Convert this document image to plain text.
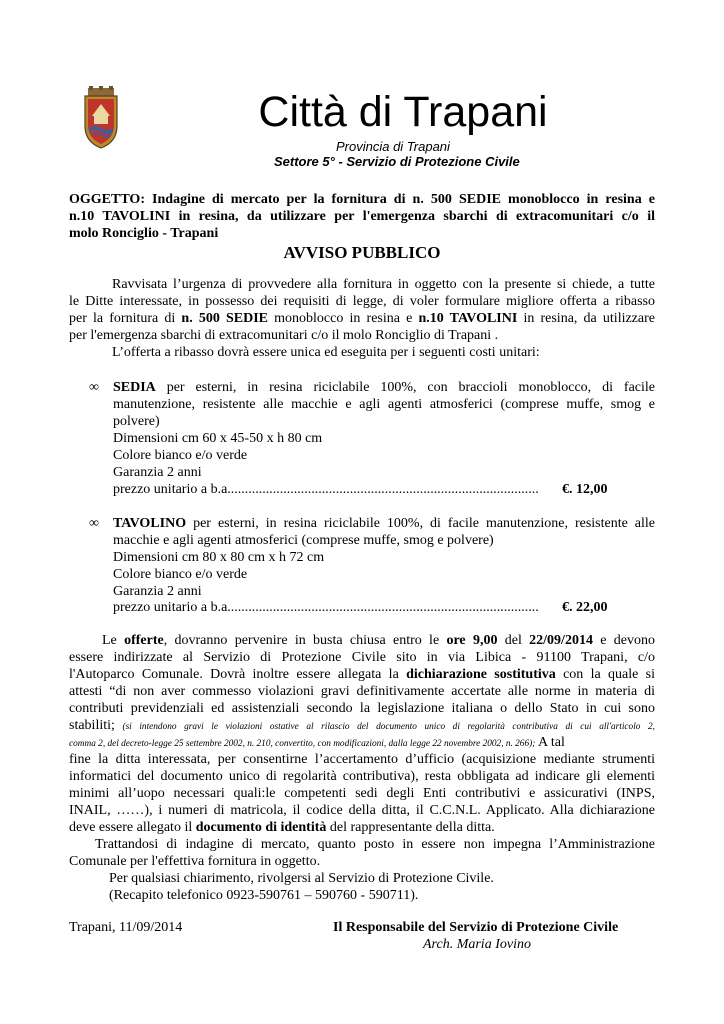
Città di Trapani
Provincia di Trapani
Settore 5° - Servizio di Protezione Civile
OGGETTO: Indagine di mercato per la fornitura di n. 500 SEDIE monoblocco in resina e
n.10 TAVOLINI in resina, da utilizzare per l'emergenza sbarchi di extracomunitari c/o il
molo Ronciglio - Trapani
AVVISO PUBBLICO
Ravvisata l’urgenza di provvedere alla fornitura in oggetto con la presente si chiede, a tutte
le Ditte interessate, in possesso dei requisiti di legge, di voler formulare migliore offerta a ribasso
per la fornitura di n. 500 SEDIE monoblocco in resina e n.10 TAVOLINI in resina, da utilizzare
per l'emergenza sbarchi di extracomunitari c/o il molo Ronciglio di Trapani .
L’offerta a ribasso dovrà essere unica ed eseguita per i seguenti costi unitari:
∞ SEDIA per esterni, in resina riciclabile 100%, con braccioli monoblocco, di facile
manutenzione, resistente alle macchie e agli agenti atmosferici (comprese muffe, smog e
polvere)
Dimensioni cm 60 x 45-50 x h 80 cm
Colore bianco e/o verde
Garanzia 2 anni
prezzo unitario a b.a......................................................................................... €. 12,00
∞ TAVOLINO per esterni, in resina riciclabile 100%, di facile manutenzione, resistente alle
macchie e agli agenti atmosferici (comprese muffe, smog e polvere)
Dimensioni cm 80 x 80 cm x h 72 cm
Colore bianco e/o verde
Garanzia 2 anni
prezzo unitario a b.a......................................................................................... €. 22,00
Le offerte, dovranno pervenire in busta chiusa entro le ore 9,00 del 22/09/2014 e devono
essere indirizzate al Servizio di Protezione Civile sito in via Libica - 91100 Trapani, c/o
l'Autoparco Comunale. Dovrà inoltre essere allegata la dichiarazione sostitutiva con la quale si
attesti “di non aver commesso violazioni gravi definitivamente accertate alle norme in materia di
contributi previdenziali ed assistenziali secondo la legislazione italiana o dello Stato in cui sono
stabiliti; (si intendono gravi le violazioni ostative al rilascio del documento unico di regolarità contributiva di cui all'articolo 2,
comma 2, del decreto-legge 25 settembre 2002, n. 210, convertito, con modificazioni, dalla legge 22 novembre 2002, n. 266); A tal
fine la ditta interessata, per consentirne l’accertamento d’ufficio (acquisizione mediante strumenti
informatici del documento unico di regolarità contributiva), resta obbligata ad indicare gli elementi
minimi all’uopo necessari quali:le competenti sedi degli Enti contributivi e assicurativi (INPS,
INAIL, ……), i numeri di matricola, il codice della ditta, il C.C.N.L. Applicato. Alla dichiarazione
deve essere allegato il documento di identità del rappresentante della ditta.
Trattandosi di indagine di mercato, quanto posto in essere non impegna l’Amministrazione
Comunale per l'effettiva fornitura in oggetto.
Per qualsiasi chiarimento, rivolgersi al Servizio di Protezione Civile.
(Recapito telefonico 0923-590761 – 590760 - 590711).
Trapani, 11/09/2014	Il Responsabile del Servizio di Protezione Civile
Arch. Maria Iovino
